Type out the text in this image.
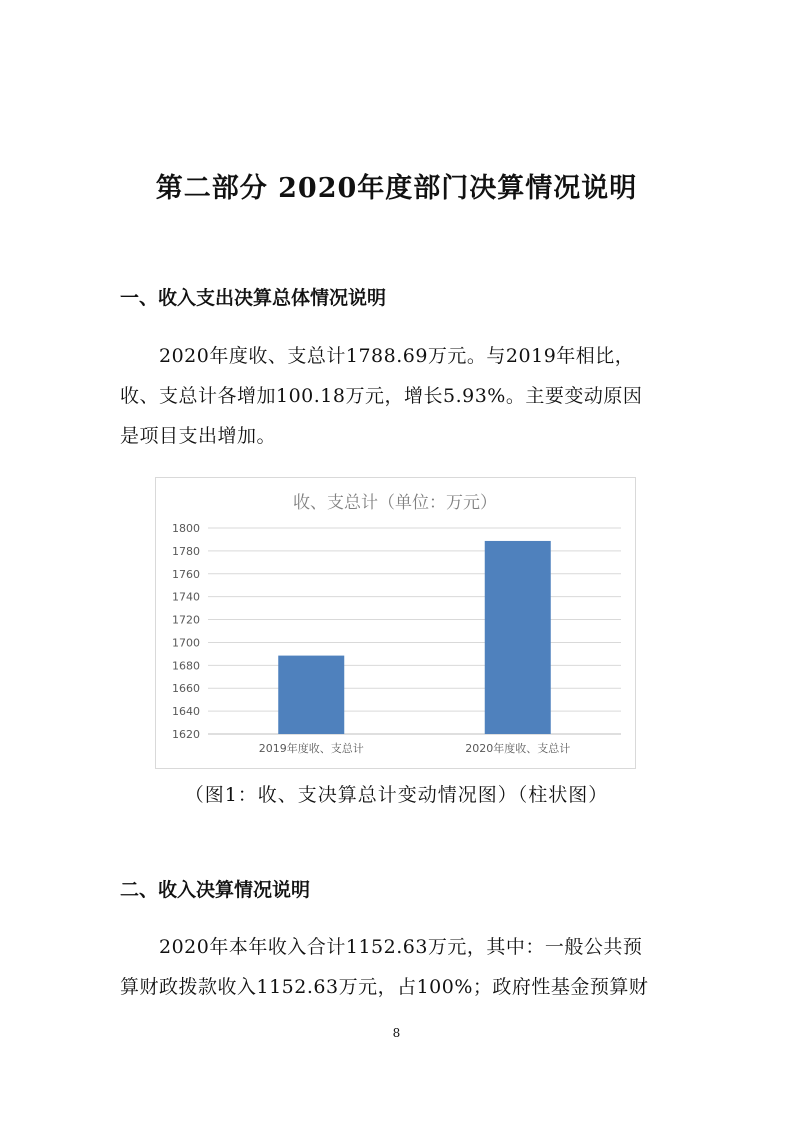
第二部分 2020年度部门决算情况说明
一、收入支出决算总体情况说明
　　2020年度收、支总计1788.69万元。与2019年相比，
收、支总计各增加100.18万元，增长5.93%。主要变动原因
是项目支出增加。
收、支总计（单位：万元）
1620
1640
1660
1680
1700
1720
1740
1760
1780
1800
2019年度收、支总计	2020年度收、支总计
（图1：收、支决算总计变动情况图）（柱状图）
二、收入决算情况说明
　　2020年本年收入合计1152.63万元，其中：一般公共预
算财政拨款收入1152.63万元，占100%；政府性基金预算财
8
